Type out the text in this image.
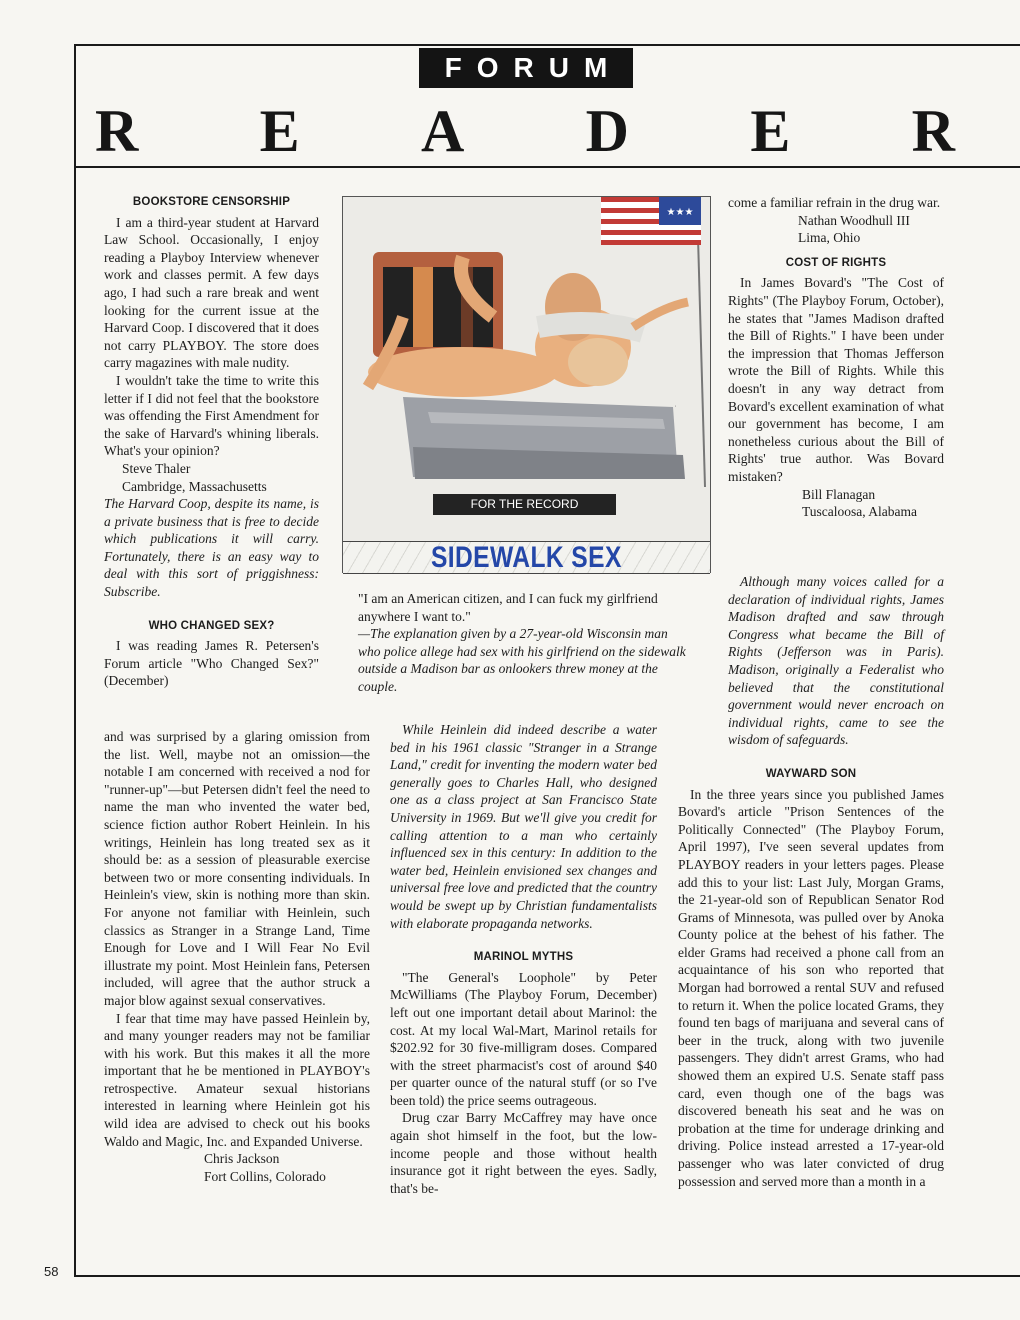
FORUM
R E A D E R
BOOKSTORE CENSORSHIP

I am a third-year student at Harvard Law School. Occasionally, I enjoy reading a Playboy Interview whenever work and classes permit. A few days ago, I had such a rare break and went looking for the current issue at the Harvard Coop. I discovered that it does not carry PLAYBOY. The store does carry magazines with male nudity.

I wouldn't take the time to write this letter if I did not feel that the bookstore was offending the First Amendment for the sake of Harvard's whining liberals. What's your opinion?

Steve Thaler
Cambridge, Massachusetts

The Harvard Coop, despite its name, is a private business that is free to decide which publications it will carry. Fortunately, there is an easy way to deal with this sort of priggishness: Subscribe.

WHO CHANGED SEX?

I was reading James R. Petersen's Forum article "Who Changed Sex?" (December)

and was surprised by a glaring omission from the list. Well, maybe not an omission—the notable I am concerned with received a nod for "runner-up"—but Petersen didn't feel the need to name the man who invented the water bed, science fiction author Robert Heinlein. In his writings, Heinlein has long treated sex as it should be: as a session of pleasurable exercise between two or more consenting individuals. In Heinlein's view, skin is nothing more than skin. For anyone not familiar with Heinlein, such classics as Stranger in a Strange Land, Time Enough for Love and I Will Fear No Evil illustrate my point. Most Heinlein fans, Petersen included, will agree that the author struck a major blow against sexual conservatives.

I fear that time may have passed Heinlein by, and many younger readers may not be familiar with his work. But this makes it all the more important that he be mentioned in PLAYBOY's retrospective. Amateur sexual historians interested in learning where Heinlein got his wild idea are advised to check out his books Waldo and Magic, Inc. and Expanded Universe.

Chris Jackson
Fort Collins, Colorado
★★★
·
FOR THE RECORD
SIDEWALK SEX

"I am an American citizen, and I can fuck my girlfriend anywhere I want to."

—The explanation given by a 27-year-old Wisconsin man who police allege had sex with his girlfriend on the sidewalk outside a Madison bar as onlookers threw money at the couple.

While Heinlein did indeed describe a water bed in his 1961 classic "Stranger in a Strange Land," credit for inventing the modern water bed generally goes to Charles Hall, who designed one as a class project at San Francisco State University in 1969. But we'll give you credit for calling attention to a man who certainly influenced sex in this century: In addition to the water bed, Heinlein envisioned sex changes and universal free love and predicted that the country would be swept up by Christian fundamentalists with elaborate propaganda networks.

MARINOL MYTHS

"The General's Loophole" by Peter McWilliams (The Playboy Forum, December) left out one important detail about Marinol: the cost. At my local Wal-Mart, Marinol retails for $202.92 for 30 five-milligram doses. Compared with the street pharmacist's cost of around $40 per quarter ounce of the natural stuff (or so I've been told) the price seems outrageous.

Drug czar Barry McCaffrey may have once again shot himself in the foot, but the low-income people and those without health insurance got it right between the eyes. Sadly, that's be-

come a familiar refrain in the drug war.

Nathan Woodhull III
Lima, Ohio
COST OF RIGHTS

In James Bovard's "The Cost of Rights" (The Playboy Forum, October), he states that "James Madison drafted the Bill of Rights." I have been under the impression that Thomas Jefferson wrote the Bill of Rights. While this doesn't in any way detract from Bovard's excellent examination of what our government has become, I am nonetheless curious about the Bill of Rights' true author. Was Bovard mistaken?

Bill Flanagan
Tuscaloosa, Alabama

Although many voices called for a declaration of individual rights, James Madison drafted and saw through Congress what became the Bill of Rights (Jefferson was in Paris). Madison, originally a Federalist who believed that the constitutional government would never encroach on individual rights, came to see the wisdom of safeguards.

WAYWARD SON

In the three years since you published James Bovard's article "Prison Sentences of the Politically Connected" (The Playboy Forum, April 1997), I've seen several updates from PLAYBOY readers in your letters pages. Please add this to your list: Last July, Morgan Grams, the 21-year-old son of Republican Senator Rod Grams of Minnesota, was pulled over by Anoka County police at the behest of his father. The elder Grams had received a phone call from an acquaintance of his son who reported that Morgan had borrowed a rental SUV and refused to return it. When the police located Grams, they found ten bags of marijuana and several cans of beer in the truck, along with two juvenile passengers. They didn't arrest Grams, who had showed them an expired U.S. Senate staff pass card, even though one of the bags was discovered beneath his seat and he was on probation at the time for underage drinking and driving. Police instead arrested a 17-year-old passenger who was later convicted of drug possession and served more than a month in a

58
